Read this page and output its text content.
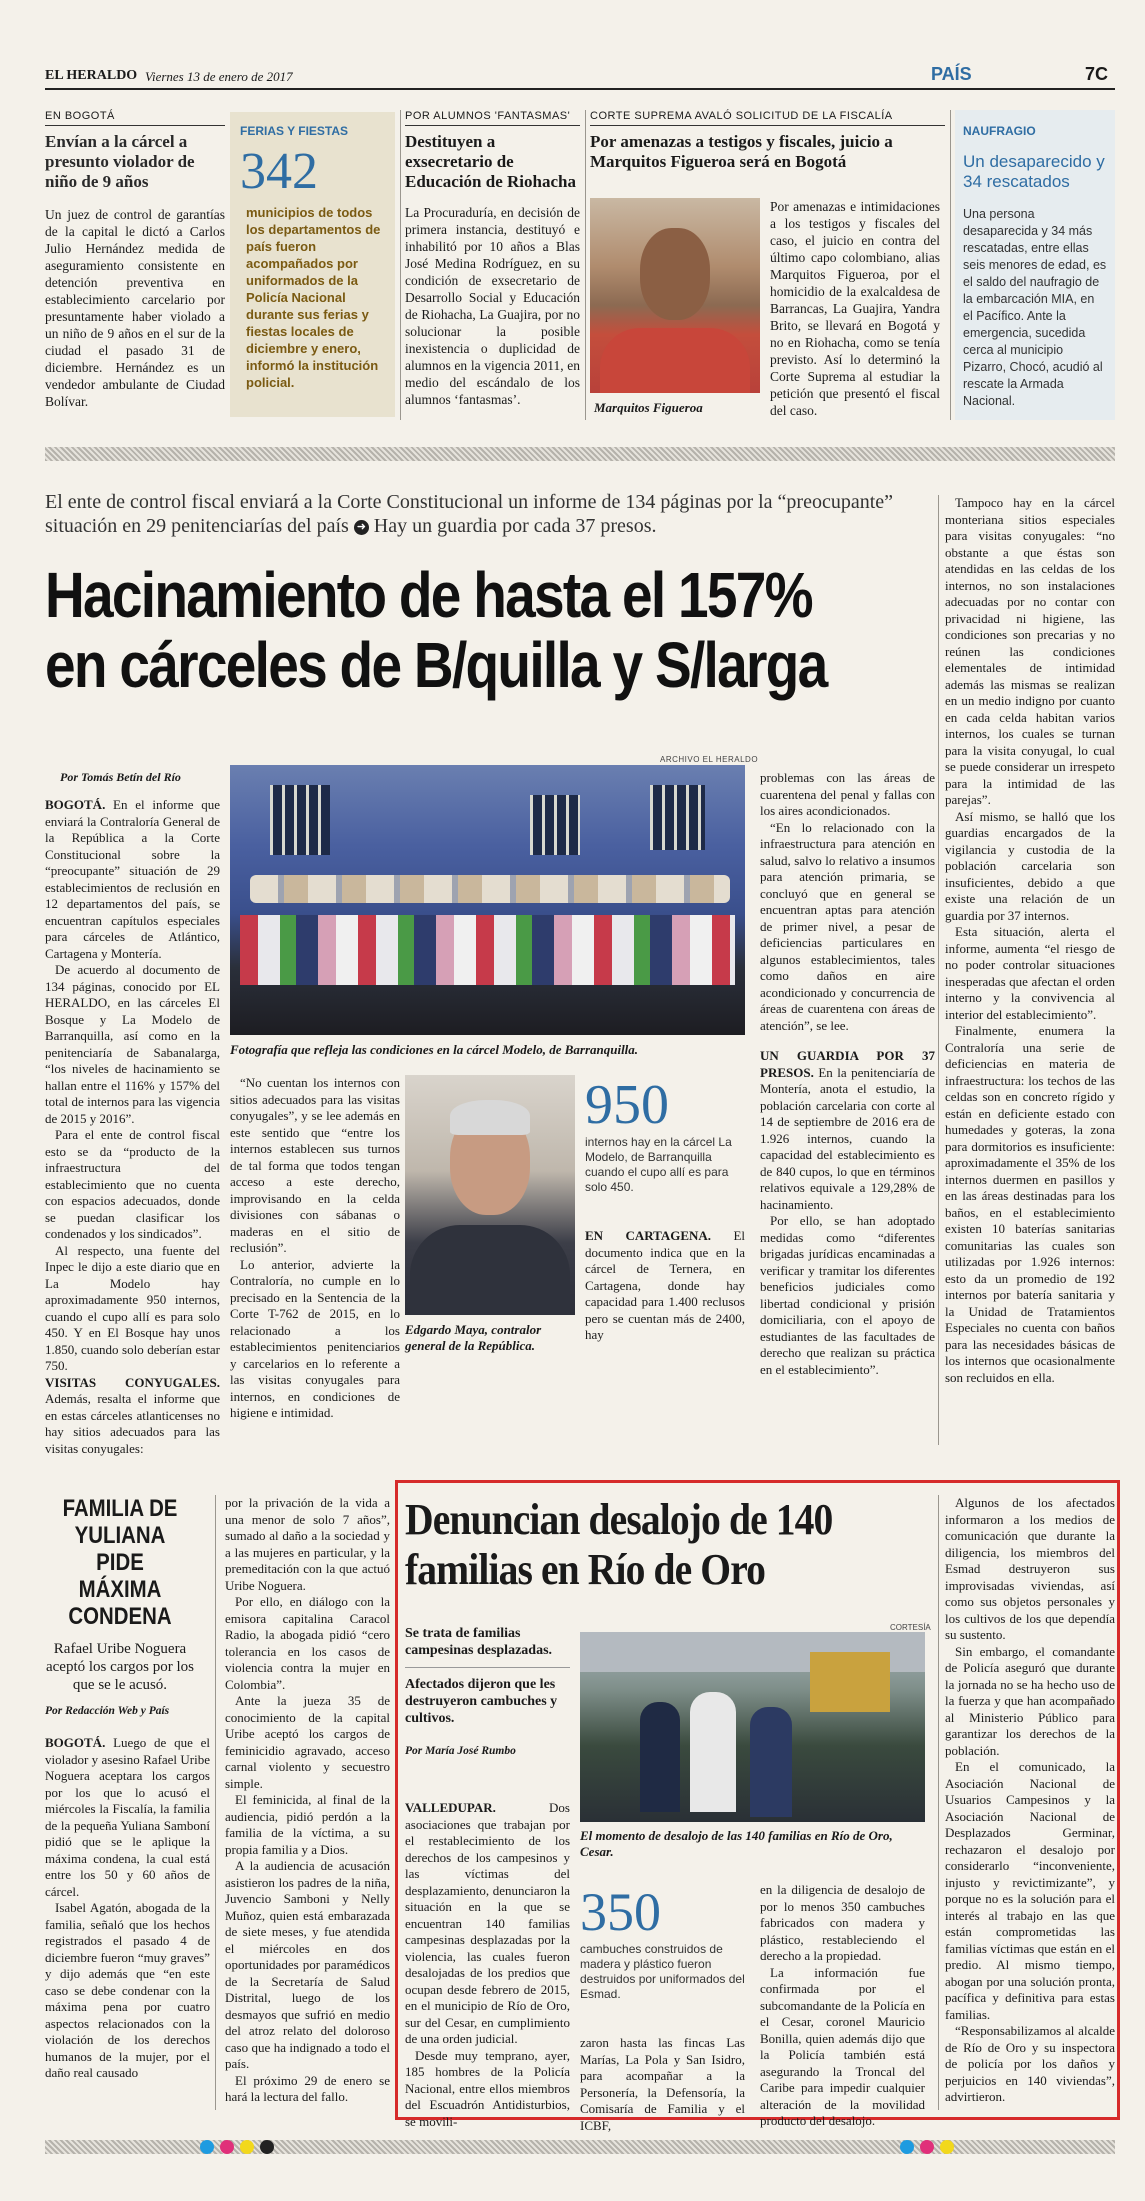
EL HERALDO Viernes 13 de enero de 2017	PAÍS	7C
EN BOGOTÁ
Envían a la cárcel a presunto violador de niño de 9 años
Un juez de control de garantías de la capital le dictó a Carlos Julio Hernández medida de aseguramiento consistente en detención preventiva en establecimiento carcelario por presuntamente haber violado a un niño de 9 años en el sur de la ciudad el pasado 31 de diciembre. Hernández es un vendedor ambulante de Ciudad Bolívar.
FERIAS Y FIESTAS
342
municipios de todos los departamentos de país fueron acompañados por uniformados de la Policía Nacional durante sus ferias y fiestas locales de diciembre y enero, informó la institución policial.
POR ALUMNOS 'FANTASMAS'
Destituyen a exsecretario de Educación de Riohacha
La Procuraduría, en decisión de primera instancia, destituyó e inhabilitó por 10 años a Blas José Medina Rodríguez, en su condición de exsecretario de Desarrollo Social y Educación de Riohacha, La Guajira, por no solucionar la posible inexistencia o duplicidad de alumnos en la vigencia 2011, en medio del escándalo de los alumnos ‘fantasmas’.
CORTE SUPREMA AVALÓ SOLICITUD DE LA FISCALÍA
Por amenazas a testigos y fiscales, juicio a Marquitos Figueroa será en Bogotá
Marquitos Figueroa
Por amenazas e intimidaciones a los testigos y fiscales del caso, el juicio en contra del último capo colombiano, alias Marquitos Figueroa, por el homicidio de la exalcaldesa de Barrancas, La Guajira, Yandra Brito, se llevará en Bogotá y no en Riohacha, como se tenía previsto. Así lo determinó la Corte Suprema al estudiar la petición que presentó el fiscal del caso.
NAUFRAGIO
Un desaparecido y 34 rescatados
Una persona desaparecida y 34 más rescatadas, entre ellas seis menores de edad, es el saldo del naufragio de la embarcación MIA, en el Pacífico. Ante la emergencia, sucedida cerca al municipio Pizarro, Chocó, acudió al rescate la Armada Nacional.
El ente de control fiscal enviará a la Corte Constitucional un informe de 134 páginas por la “preocupante” situación en 29 penitenciarías del país ➜ Hay un guardia por cada 37 presos.
Hacinamiento de hasta el 157%
en cárceles de B/quilla y S/larga
ARCHIVO EL HERALDO
Por Tomás Betín del Río
Fotografía que refleja las condiciones en la cárcel Modelo, de Barranquilla.

BOGOTÁ. En el informe que enviará la Contraloría General de la República a la Corte Constitucional sobre la “preocupante” situación de 29 establecimientos de reclusión en 12 departamentos del país, se encuentran capítulos especiales para cárceles de Atlántico, Cartagena y Montería.

De acuerdo al documento de 134 páginas, conocido por EL HERALDO, en las cárceles El Bosque y La Modelo de Barranquilla, así como en la penitenciaría de Sabanalarga, “los niveles de hacinamiento se hallan entre el 116% y 157% del total de internos para las vigencia de 2015 y 2016”.

Para el ente de control fiscal esto se da “producto de la infraestructura del establecimiento que no cuenta con espacios adecuados, donde se puedan clasificar los condenados y los sindicados”.

Al respecto, una fuente del Inpec le dijo a este diario que en La Modelo hay aproximadamente 950 internos, cuando el cupo allí es para solo 450. Y en El Bosque hay unos 1.850, cuando solo deberían estar 750.

VISITAS CONYUGALES. Además, resalta el informe que en estas cárceles atlanticenses no hay sitios adecuados para las visitas conyugales:

“No cuentan los internos con sitios adecuados para las visitas conyugales”, y se lee además en este sentido que “entre los internos establecen sus turnos de tal forma que todos tengan acceso a este derecho, improvisando en la celda divisiones con sábanas o maderas en el sitio de reclusión”.

Lo anterior, advierte la Contraloría, no cumple en lo precisado en la Sentencia de la Corte T-762 de 2015, en lo relacionado a los establecimientos penitenciarios y carcelarios en lo referente a las visitas conyugales para internos, en condiciones de higiene e intimidad.

Edgardo Maya, contralor general de la República.
950
internos hay en la cárcel La Modelo, de Barranquilla cuando el cupo allí es para solo 450.

EN CARTAGENA. El documento indica que en la cárcel de Ternera, en Cartagena, donde hay capacidad para 1.400 reclusos pero se cuentan más de 2400, hay

problemas con las áreas de cuarentena del penal y fallas con los aires acondicionados.

“En lo relacionado con la infraestructura para atención en salud, salvo lo relativo a insumos para atención primaria, se concluyó que en general se encuentran aptas para atención de primer nivel, a pesar de deficiencias particulares en algunos establecimientos, tales como daños en aire acondicionado y concurrencia de áreas de cuarentena con áreas de atención”, se lee.

UN GUARDIA POR 37 PRESOS. En la penitenciaría de Montería, anota el estudio, la población carcelaria con corte al 14 de septiembre de 2016 era de 1.926 internos, cuando la capacidad del establecimiento es de 840 cupos, lo que en términos relativos equivale a 129,28% de hacinamiento.

Por ello, se han adoptado medidas como “diferentes brigadas jurídicas encaminadas a verificar y tramitar los diferentes beneficios judiciales como libertad condicional y prisión domiciliaria, con el apoyo de estudiantes de las facultades de derecho que realizan su práctica en el establecimiento”.

Tampoco hay en la cárcel monteriana sitios especiales para visitas conyugales: “no obstante a que éstas son atendidas en las celdas de los internos, no son instalaciones adecuadas por no contar con privacidad ni higiene, las condiciones son precarias y no reúnen las condiciones elementales de intimidad además las mismas se realizan en un medio indigno por cuanto en cada celda habitan varios internos, los cuales se turnan para la visita conyugal, lo cual se puede considerar un irrespeto para la intimidad de las parejas”.

Así mismo, se halló que los guardias encargados de la vigilancia y custodia de la población carcelaria son insuficientes, debido a que existe una relación de un guardia por 37 internos.

Esta situación, alerta el informe, aumenta “el riesgo de no poder controlar situaciones inesperadas que afectan el orden interno y la convivencia al interior del establecimiento”.

Finalmente, enumera la Contraloría una serie de deficiencias en materia de infraestructura: los techos de las celdas son en concreto rígido y están en deficiente estado con humedades y goteras, la zona para dormitorios es insuficiente: aproximadamente el 35% de los internos duermen en pasillos y en las áreas destinadas para los baños, en el establecimiento existen 10 baterías sanitarias comunitarias las cuales son utilizadas por 1.926 internos: esto da un promedio de 192 internos por batería sanitaria y la Unidad de Tratamientos Especiales no cuenta con baños para las necesidades básicas de los internos que ocasionalmente son recluidos en ella.

FAMILIA DE YULIANA PIDE MÁXIMA CONDENA
Rafael Uribe Noguera aceptó los cargos por los que se le acusó.
Por Redacción Web y País

BOGOTÁ. Luego de que el violador y asesino Rafael Uribe Noguera aceptara los cargos por los que lo acusó el miércoles la Fiscalía, la familia de la pequeña Yuliana Samboní pidió que se le aplique la máxima condena, la cual está entre los 50 y 60 años de cárcel.

Isabel Agatón, abogada de la familia, señaló que los hechos registrados el pasado 4 de diciembre fueron “muy graves” y dijo además que “en este caso se debe condenar con la máxima pena por cuatro aspectos relacionados con la violación de los derechos humanos de la mujer, por el daño real causado

por la privación de la vida a una menor de solo 7 años”, sumado al daño a la sociedad y a las mujeres en particular, y la premeditación con la que actuó Uribe Noguera.

Por ello, en diálogo con la emisora capitalina Caracol Radio, la abogada pidió “cero tolerancia en los casos de violencia contra la mujer en Colombia”.

Ante la jueza 35 de conocimiento de la capital Uribe aceptó los cargos de feminicidio agravado, acceso carnal violento y secuestro simple.

El feminicida, al final de la audiencia, pidió perdón a la familia de la víctima, a su propia familia y a Dios.

A la audiencia de acusación asistieron los padres de la niña, Juvencio Samboni y Nelly Muñoz, quien está embarazada de siete meses, y fue atendida el miércoles en dos oportunidades por paramédicos de la Secretaría de Salud Distrital, luego de los desmayos que sufrió en medio del atroz relato del doloroso caso que ha indignado a todo el país.

El próximo 29 de enero se hará la lectura del fallo.

Denuncian desalojo de 140 familias en Río de Oro
CORTESÍA
Se trata de familias campesinas desplazadas.
Afectados dijeron que les destruyeron cambuches y cultivos.
Por María José Rumbo
El momento de desalojo de las 140 familias en Río de Oro, Cesar.

VALLEDUPAR. Dos asociaciones que trabajan por el restablecimiento de los derechos de los campesinos y las víctimas del desplazamiento, denunciaron la situación en la que se encuentran 140 familias campesinas desplazadas por la violencia, las cuales fueron desalojadas de los predios que ocupan desde febrero de 2015, en el municipio de Río de Oro, sur del Cesar, en cumplimiento de una orden judicial.

Desde muy temprano, ayer, 185 hombres de la Policía Nacional, entre ellos miembros del Escuadrón Antidisturbios, se movili-

350
cambuches construidos de madera y plástico fueron destruidos por uniformados del Esmad.

zaron hasta las fincas Las Marías, La Pola y San Isidro, para acompañar a la Personería, la Defensoría, la Comisaría de Familia y el ICBF,

en la diligencia de desalojo de por lo menos 350 cambuches fabricados con madera y plástico, restableciendo el derecho a la propiedad.

La información fue confirmada por el subcomandante de la Policía en el Cesar, coronel Mauricio Bonilla, quien además dijo que la Policía también está asegurando la Troncal del Caribe para impedir cualquier alteración de la movilidad producto del desalojo.

Algunos de los afectados informaron a los medios de comunicación que durante la diligencia, los miembros del Esmad destruyeron sus improvisadas viviendas, así como sus objetos personales y los cultivos de los que dependía su sustento.

Sin embargo, el comandante de Policía aseguró que durante la jornada no se ha hecho uso de la fuerza y que han acompañado al Ministerio Público para garantizar los derechos de la población.

En el comunicado, la Asociación Nacional de Usuarios Campesinos y la Asociación Nacional de Desplazados Germinar, rechazaron el desalojo por considerarlo “inconveniente, injusto y revictimizante”, y porque no es la solución para el interés al trabajo en las que están comprometidas las familias víctimas que están en el predio. Al mismo tiempo, abogan por una solución pronta, pacífica y definitiva para estas familias.

“Responsabilizamos al alcalde de Río de Oro y su inspectora de policía por los daños y perjuicios en 140 viviendas”, advirtieron.
